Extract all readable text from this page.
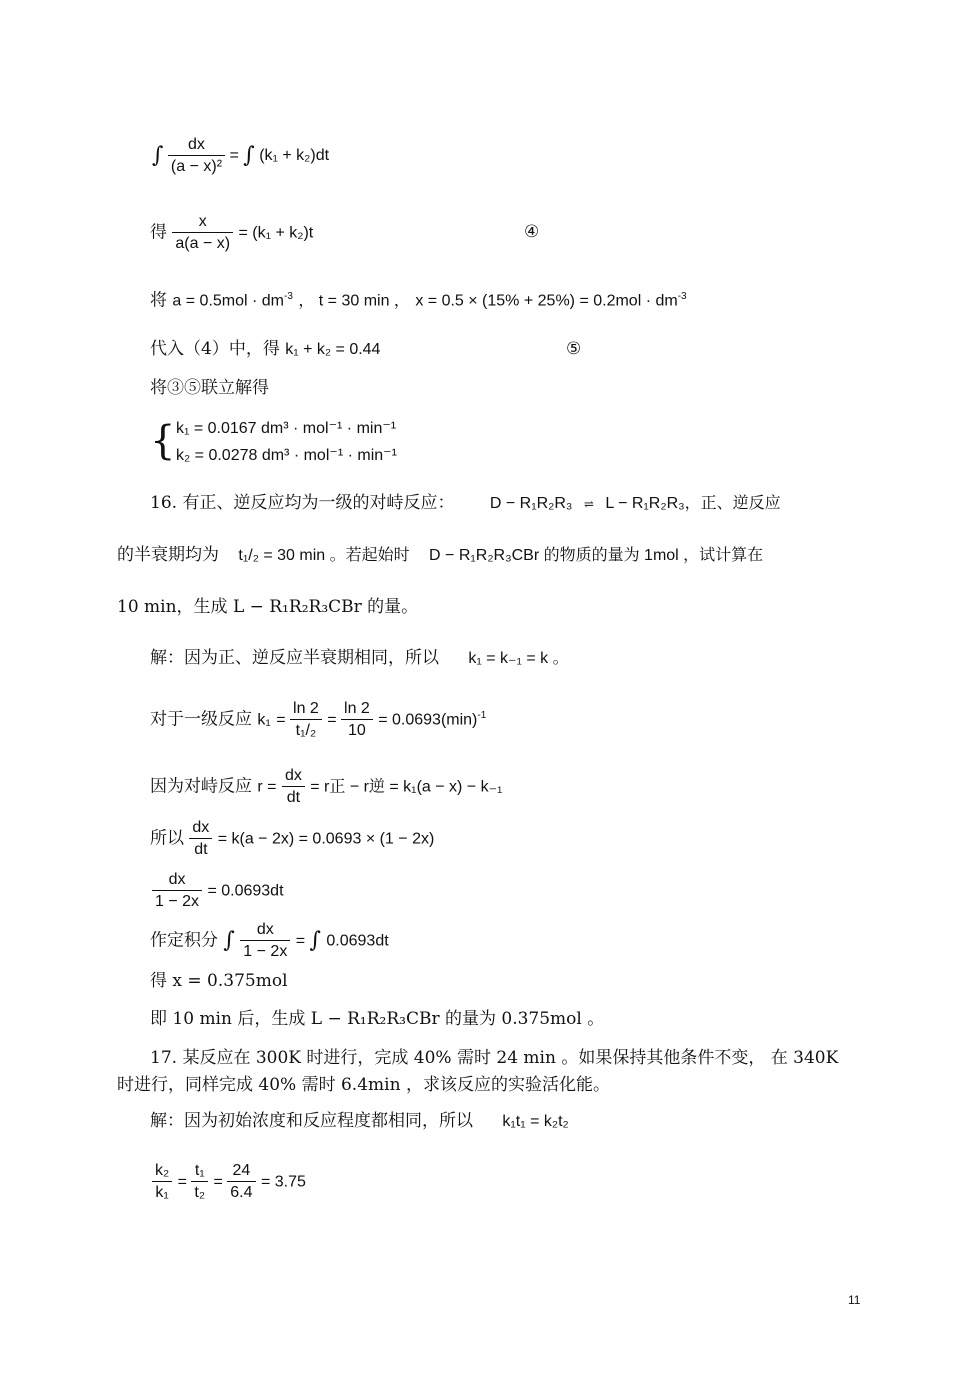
∫ $\frac{dx}{\text{(a − x)²}}$ = ∫ (k₁ + k₂)dt
得 $\frac{x}{a(a - x)} = (k_1 + k_2)t$	④
将 $a = 0.5mol \cdot dm^{-3}$ ， t = 30 min ， $x = 0.5 \times (15\% + 25\%) = 0.2mol \cdot dm^{-3}$
代入（4）中，得 k₁ + k₂ = 0.44	⑤
将③⑤联立解得
{ k₁ = 0.0167 dm³ · mol⁻¹ · min⁻¹
k₂ = 0.0278 dm³ · mol⁻¹ · min⁻¹
16. 有正、逆反应均为一级的对峙反应： D − R₁R₂R₃ ⇌ L − R₁R₂R₃，正、逆反应
的半衰期均为 t₁/₂ = 30 min 。若起始时 D − R₁R₂R₃CBr 的物质的量为 1mol ，试计算在
10 min，生成 L − R₁R₂R₃CBr 的量。
解：因为正、逆反应半衰期相同，所以 k₁ = k₋₁ = k 。
对于一级反应 $k_1 = \frac{\ln 2}{\text{t₁/₂}} = \frac{\ln 2}{10} = 0.0693(\min)^{-1}$
因为对峙反应 $r = \frac{dx}{dt} = r$正 − r逆 = k₁(a − x) − k₋₁
所以 $\frac{dx}{dt} = k(a - 2x) = 0.0693 \times (1 - 2x)$
$\frac{dx}{1 - 2x} = 0.0693dt$
作定积分 ∫ $\frac{dx}{1 - 2x}$ = ∫ 0.0693dt
得 x = 0.375mol
即 10 min 后，生成 L − R₁R₂R₃CBr 的量为 0.375mol 。
17. 某反应在 300K 时进行，完成 40% 需时 24 min 。如果保持其他条件不变， 在 340K
时进行，同样完成 40% 需时 6.4min ，求该反应的实验活化能。
解：因为初始浓度和反应程度都相同，所以 k₁t₁ = k₂t₂
$\frac{\text{k₂}}{\text{k₁}} = \frac{\text{t₁}}{\text{t₂}} = \frac{24}{6.4} = 3.75$
11
